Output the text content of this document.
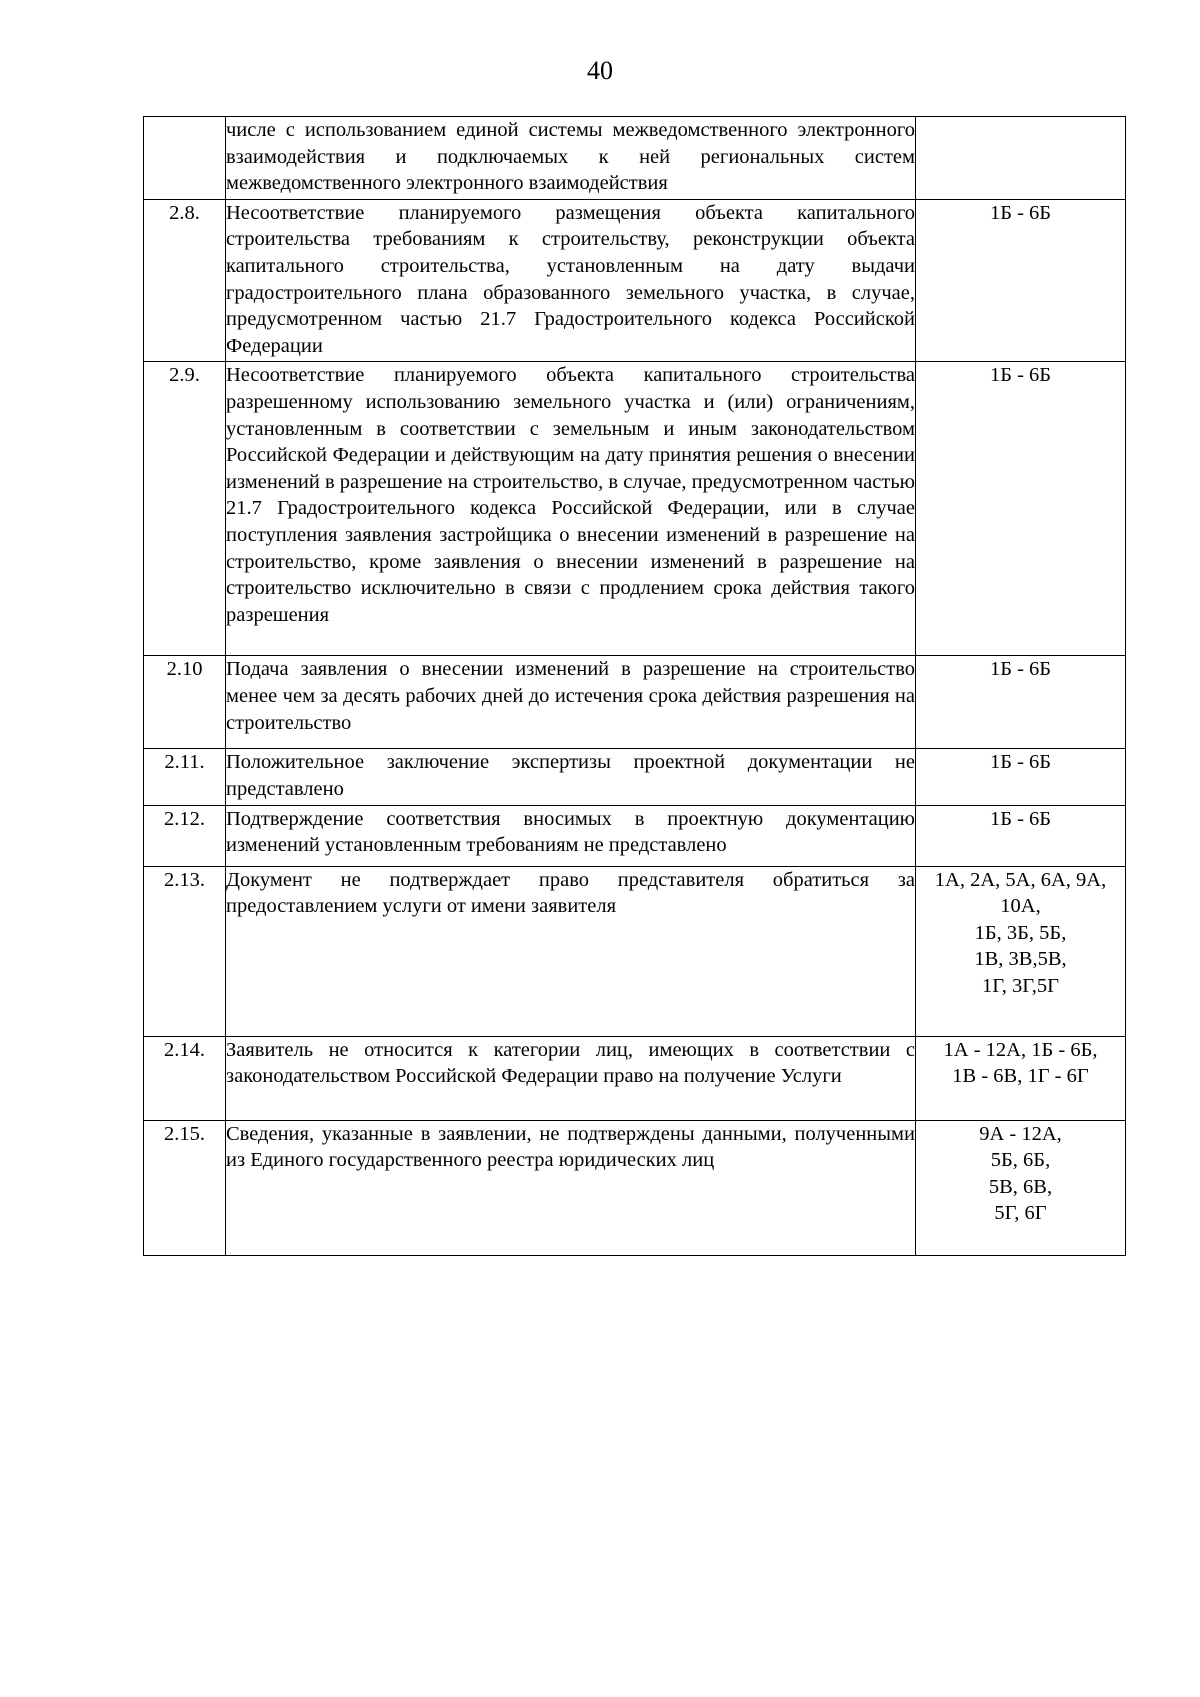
40
	числе с использованием единой системы межведомственного электронного взаимодействия и подключаемых к ней региональных систем межведомственного электронного взаимодействия	
2.8.	Несоответствие планируемого размещения объекта капитального строительства требованиям к строительству, реконструкции объекта капитального строительства, установленным на дату выдачи градостроительного плана образованного земельного участка, в случае, предусмотренном частью 21.7 Градостроительного кодекса Российской Федерации	1Б - 6Б

2.9.	Несоответствие планируемого объекта капитального строительства разрешенному использованию земельного участка и (или) ограничениям, установленным в соответствии с земельным и иным законодательством Российской Федерации и действующим на дату принятия решения о внесении изменений в разрешение на строительство, в случае, предусмотренном частью 21.7 Градостроительного кодекса Российской Федерации, или в случае поступления заявления застройщика о внесении изменений в разрешение на строительство, кроме заявления о внесении изменений в разрешение на строительство исключительно в связи с продлением срока действия такого разрешения	1Б - 6Б

2.10	Подача заявления о внесении изменений в разрешение на строительство менее чем за десять рабочих дней до истечения срока действия разрешения на строительство	1Б - 6Б

2.11.	Положительное заключение экспертизы проектной документации не представлено	1Б - 6Б

2.12.	Подтверждение соответствия вносимых в проектную документацию изменений установленным требованиям не представлено	1Б - 6Б

2.13.	Документ не подтверждает право представителя обратиться за предоставлением услуги от имени заявителя	1А, 2А, 5А, 6А, 9А,
10А,
1Б, 3Б, 5Б,
1В, 3В,5В,
1Г, 3Г,5Г

2.14.	Заявитель не относится к категории лиц, имеющих в соответствии с законодательством Российской Федерации право на получение Услуги	1А - 12А, 1Б - 6Б,
1В - 6В, 1Г - 6Г

2.15.	Сведения, указанные в заявлении, не подтверждены данными, полученными из Единого государственного реестра юридических лиц	9А - 12А,
5Б, 6Б,
5В, 6В,
5Г, 6Г
